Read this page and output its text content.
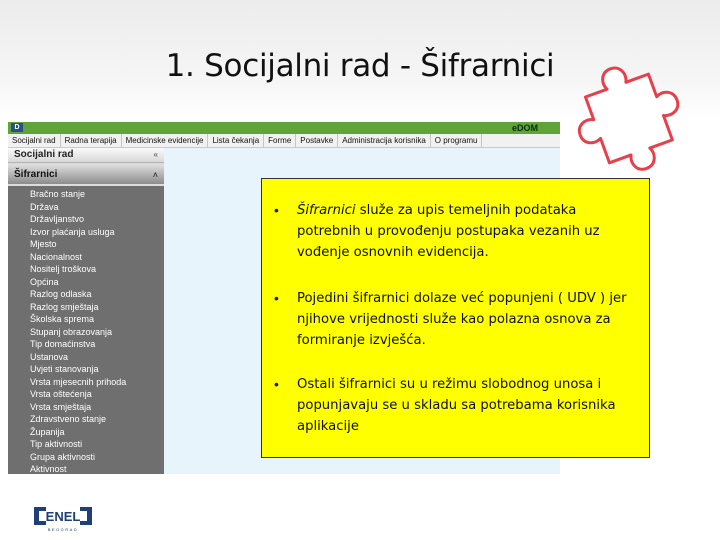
1. Socijalni rad - Šifrarnici
D	eDOM
Socijalni rad	Radna terapija	Medicinske evidencije	Lista čekanja	Forme	Postavke	Administracija korisnika	O programu
Socijalni rad	«
Šifrarnici	˄
Bračno stanje
Država
Državljanstvo
Izvor plaćanja usluga
Mjesto
Nacionalnost
Nositelj troškova
Općina
Razlog odlaska
Razlog smještaja
Školska sprema
Stupanj obrazovanja
Tip domaćinstva
Ustanova
Uvjeti stanovanja
Vrsta mjesecnih prihoda
Vrsta oštećenja
Vrsta smještaja
Zdravstveno stanje
Županija
Tip aktivnosti
Grupa aktivnosti
Aktivnost
• Šifrarnici služe za upis temeljnih podataka potrebnih u provođenju postupaka vezanih uz vođenje osnovnih evidencija.
• Pojedini šifrarnici dolaze već popunjeni ( UDV ) jer njihove vrijednosti služe kao polazna osnova za formiranje izvješća.
• Ostali šifrarnici su u režimu slobodnog unosa i popunjavaju se u skladu sa potrebama korisnika aplikacije
ENEL
BEOGRAD
